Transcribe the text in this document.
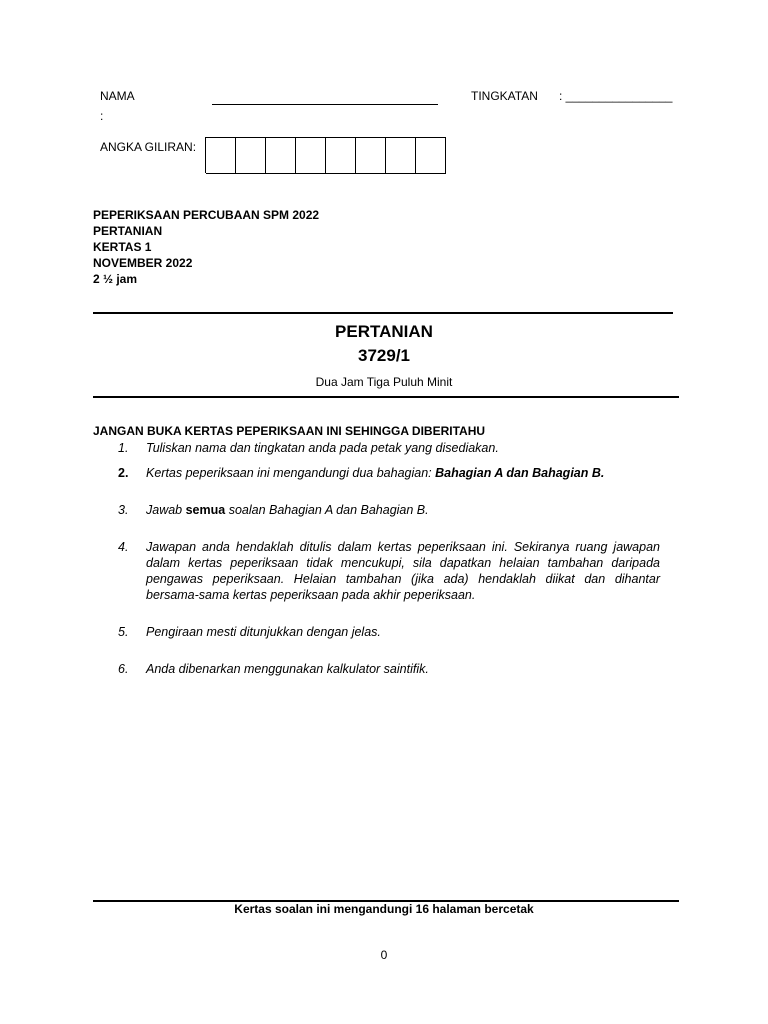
NAMA
:
TINGKATAN : ________________
ANGKA GILIRAN:
PEPERIKSAAN PERCUBAAN SPM 2022
PERTANIAN
KERTAS 1
NOVEMBER 2022
2 ½ jam
PERTANIAN
3729/1
Dua Jam Tiga Puluh Minit
JANGAN BUKA KERTAS PEPERIKSAAN INI SEHINGGA DIBERITAHU
1.	Tuliskan nama dan tingkatan anda pada petak yang disediakan.
2.	Kertas peperiksaan ini mengandungi dua bahagian: Bahagian A dan Bahagian B.
3.	Jawab semua soalan Bahagian A dan Bahagian B.
4.	Jawapan anda hendaklah ditulis dalam kertas peperiksaan ini. Sekiranya ruang jawapan dalam kertas peperiksaan tidak mencukupi, sila dapatkan helaian tambahan daripada pengawas peperiksaan. Helaian tambahan (jika ada) hendaklah diikat dan dihantar bersama-sama kertas peperiksaan pada akhir peperiksaan.
5.	Pengiraan mesti ditunjukkan dengan jelas.
6.	Anda dibenarkan menggunakan kalkulator saintifik.
Kertas soalan ini mengandungi 16 halaman bercetak
0
